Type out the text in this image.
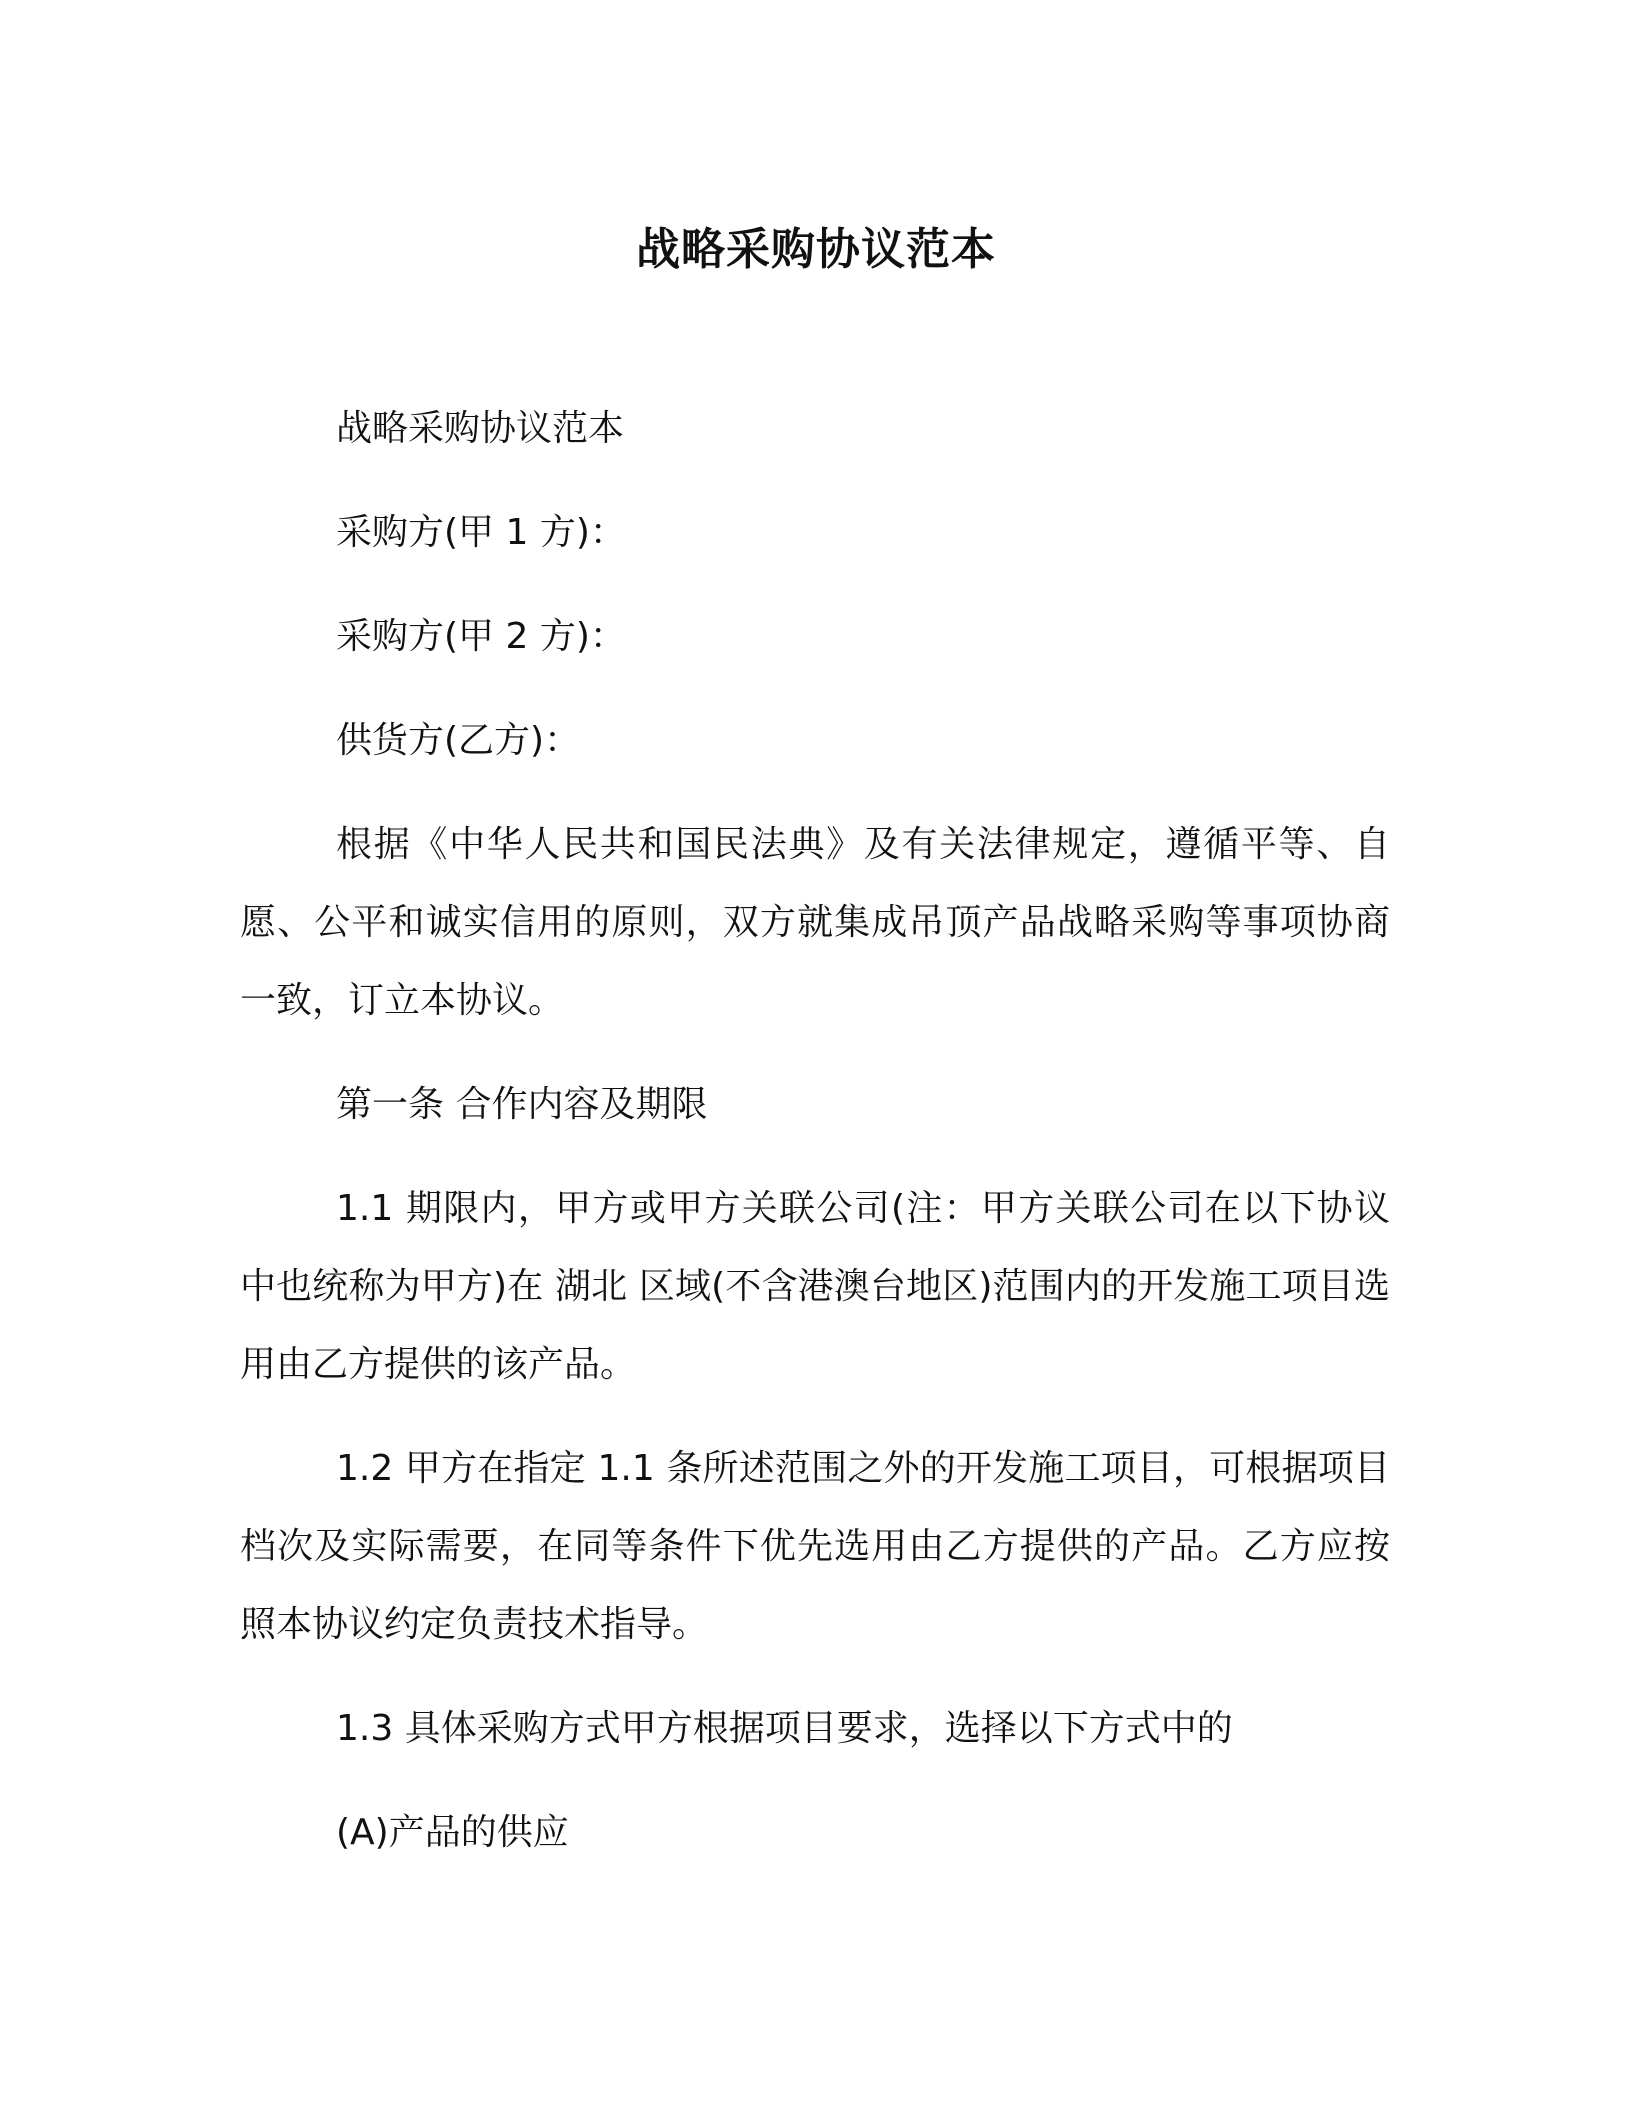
战略采购协议范本

战略采购协议范本

采购方(甲 1 方)：

采购方(甲 2 方)：

供货方(乙方)：

根据《中华人民共和国民法典》及有关法律规定，遵循平等、自愿、公平和诚实信用的原则，双方就集成吊顶产品战略采购等事项协商一致，订立本协议。

第一条 合作内容及期限

1.1 期限内，甲方或甲方关联公司(注：甲方关联公司在以下协议中也统称为甲方)在 湖北 区域(不含港澳台地区)范围内的开发施工项目选用由乙方提供的该产品。

1.2 甲方在指定 1.1 条所述范围之外的开发施工项目，可根据项目档次及实际需要，在同等条件下优先选用由乙方提供的产品。乙方应按照本协议约定负责技术指导。

1.3 具体采购方式甲方根据项目要求，选择以下方式中的

(A)产品的供应
